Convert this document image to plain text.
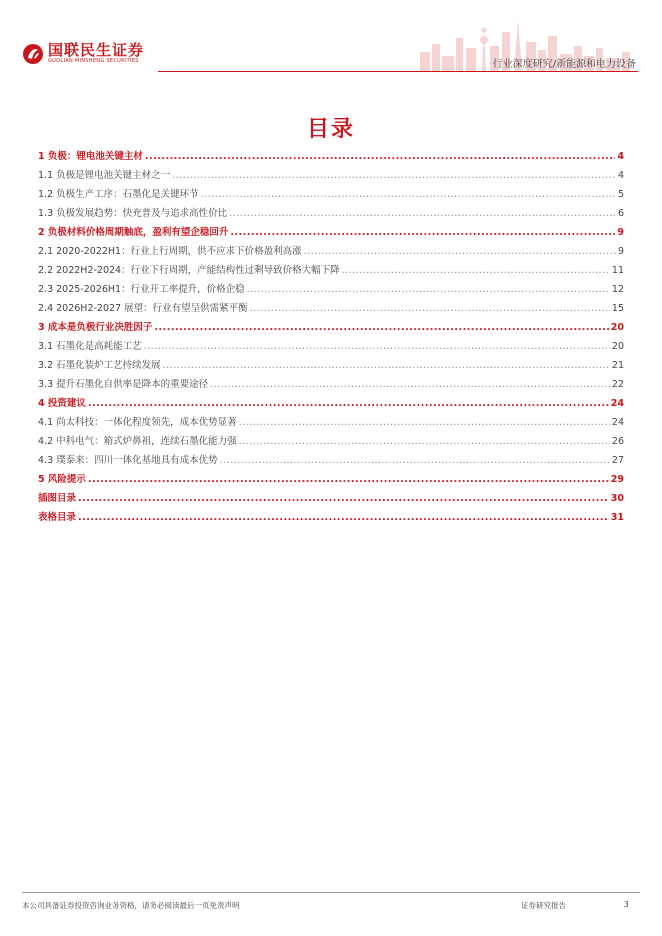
国联民生证券
GUOLIAN MINSHENG SECURITIES	行业深度研究/新能源和电力设备
目录
1 负极：锂电池关键主材 .....	4
1.1 负极是锂电池关键主材之一 .....	4
1.2 负极生产工序：石墨化是关键环节 .....	5
1.3 负极发展趋势：快充普及与追求高性价比 .....	6
2 负极材料价格周期触底，盈利有望企稳回升 .....	9
2.1 2020-2022H1：行业上行周期，供不应求下价格盈利高涨 .....	9
2.2 2022H2-2024：行业下行周期，产能结构性过剩导致价格大幅下降 .....	11
2.3 2025-2026H1：行业开工率提升，价格企稳 .....	12
2.4 2026H2-2027 展望：行业有望呈供需紧平衡 .....	15
3 成本是负极行业决胜因子 .....	20
3.1 石墨化是高耗能工艺 .....	20
3.2 石墨化装炉工艺持续发展 .....	21
3.3 提升石墨化自供率是降本的重要途径 .....	22
4 投资建议 .....	24
4.1 尚太科技：一体化程度领先，成本优势显著 .....	24
4.2 中科电气：箱式炉鼻祖，连续石墨化能力强 .....	26
4.3 璞泰来：四川一体化基地具有成本优势 .....	27
5 风险提示 .....	29
插图目录 .....	30
表格目录 .....	31
本公司具备证券投资咨询业务资格，请务必阅读最后一页免责声明	证券研究报告	3
